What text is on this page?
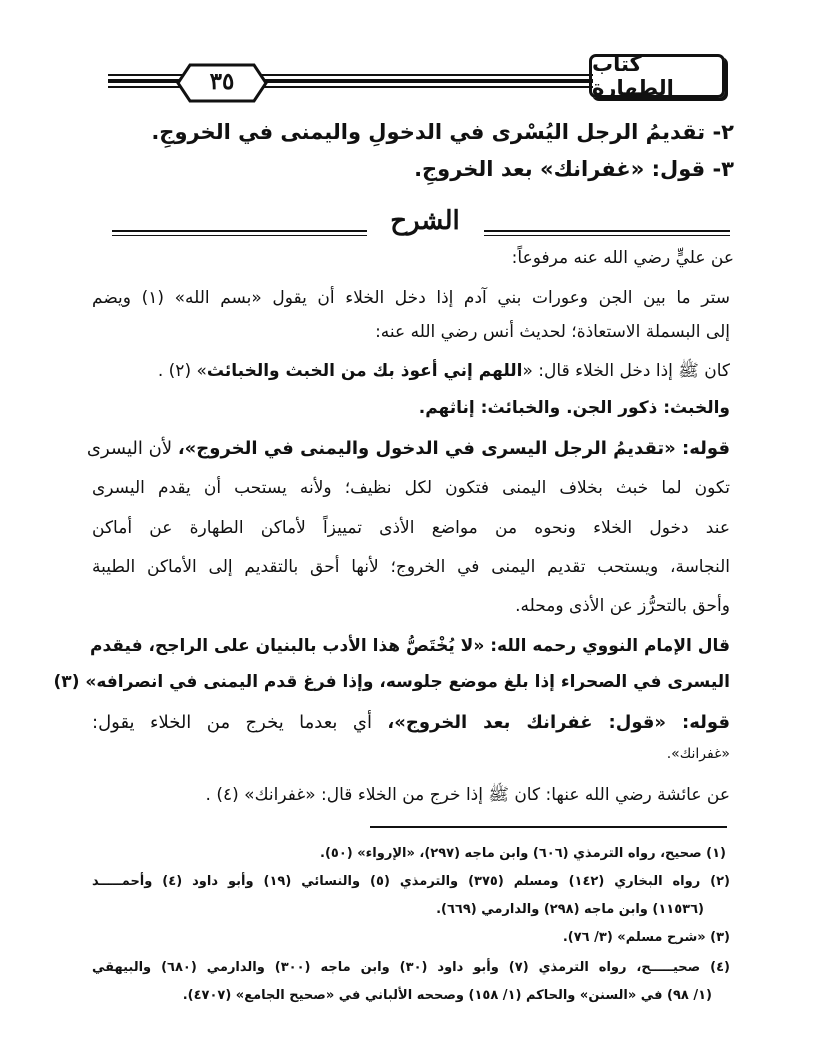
٣٥
كتاب الطهارة
٢- تقديمُ الرجل اليُسْرى في الدخولِ واليمنى في الخروجِ.
٣- قول: «غفرانك» بعد الخروجِ.
الشرح
عن عليٍّ رضي الله عنه مرفوعاً:
ستر ما بين الجن وعورات بني آدم إذا دخل الخلاء أن يقول «بسم الله» (١) ويضم
إلى البسملة الاستعاذة؛ لحديث أنس رضي الله عنه:
كان ﷺ إذا دخل الخلاء قال: «اللهم إني أعوذ بك من الخبث والخبائث» (٢) .
والخبث: ذكور الجن. والخبائث: إناثهم.
قوله: «تقديمُ الرجل اليسرى في الدخول واليمنى في الخروج»، لأن اليسرى
تكون لما خبث بخلاف اليمنى فتكون لكل نظيف؛ ولأنه يستحب أن يقدم اليسرى
عند دخول الخلاء ونحوه من مواضع الأذى تمييزاً لأماكن الطهارة عن أماكن
النجاسة، ويستحب تقديم اليمنى في الخروج؛ لأنها أحق بالتقديم إلى الأماكن الطيبة
وأحق بالتحرُّز عن الأذى ومحله.
قال الإمام النووي رحمه الله: «لا يُخْتَصُّ هذا الأدب بالبنيان على الراجح، فيقدم
اليسرى في الصحراء إذا بلغ موضع جلوسه، وإذا فرغ قدم اليمنى في انصرافه» (٣)
قوله: «قول: غفرانك بعد الخروج»، أي بعدما يخرج من الخلاء يقول:
«غفرانك».
عن عائشة رضي الله عنها: كان ﷺ إذا خرج من الخلاء قال: «غفرانك» (٤) .
(١) صحيح، رواه الترمذي (٦٠٦) وابن ماجه (٢٩٧)، «الإرواء» (٥٠).
(٢) رواه البخاري (١٤٢) ومسلم (٣٧٥) والترمذي (٥) والنسائي (١٩) وأبو داود (٤) وأحمـــــد
(١١٥٣٦) وابن ماجه (٢٩٨) والدارمي (٦٦٩).
(٣) «شرح مسلم» (٣/ ٧٦).
(٤) صحيـــــح، رواه الترمذي (٧) وأبو داود (٣٠) وابن ماجه (٣٠٠) والدارمي (٦٨٠) والبيهقي
(١/ ٩٨) في «السنن» والحاكم (١/ ١٥٨) وصححه الألباني في «صحيح الجامع» (٤٧٠٧).
